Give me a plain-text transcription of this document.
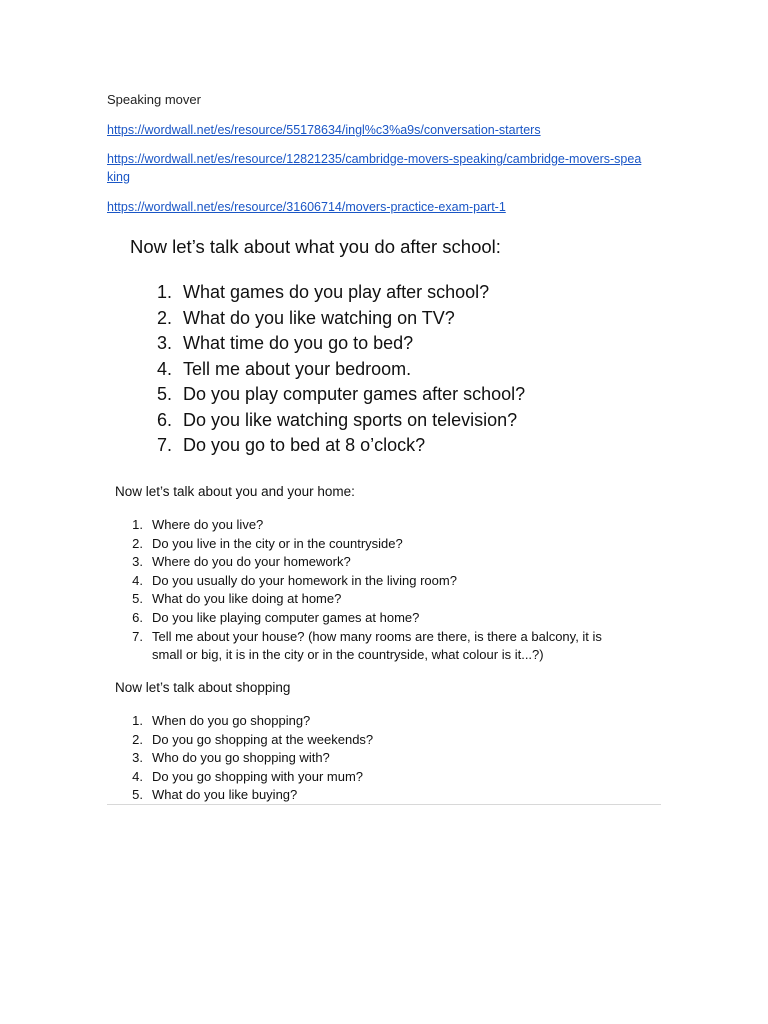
Speaking mover
https://wordwall.net/es/resource/55178634/ingl%c3%a9s/conversation-starters
https://wordwall.net/es/resource/12821235/cambridge-movers-speaking/cambridge-movers-speaking
https://wordwall.net/es/resource/31606714/movers-practice-exam-part-1
Now let’s talk about what you do after school:
1. What games do you play after school?
2. What do you like watching on TV?
3. What time do you go to bed?
4. Tell me about your bedroom.
5. Do you play computer games after school?
6. Do you like watching sports on television?
7. Do you go to bed at 8 o’clock?
Now let’s talk about you and your home:
1. Where do you live?
2. Do you live in the city or in the countryside?
3. Where do you do your homework?
4. Do you usually do your homework in the living room?
5. What do you like doing at home?
6. Do you like playing computer games at home?
7. Tell me about your house? (how many rooms are there, is there a balcony, it is small or big, it is in the city or in the countryside, what colour is it...?)
Now let’s talk about shopping
1. When do you go shopping?
2. Do you go shopping at the weekends?
3. Who do you go shopping with?
4. Do you go shopping with your mum?
5. What do you like buying?
